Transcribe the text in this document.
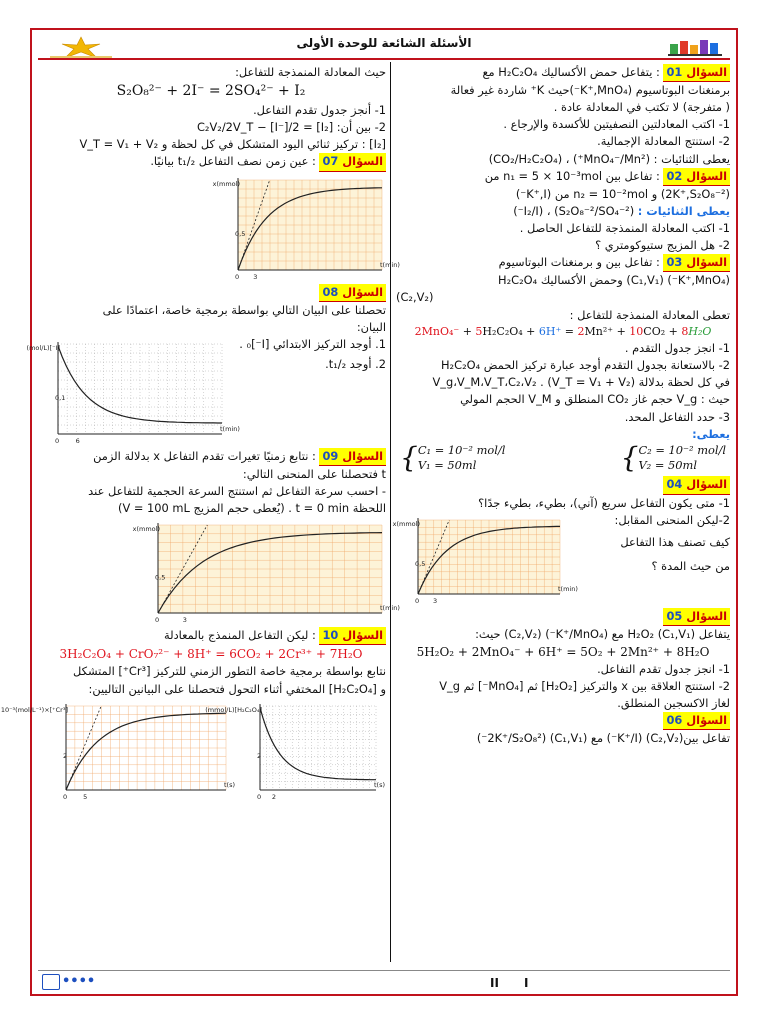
الأسئلة الشائعة للوحدة الأولى

السؤال 01 : يتفاعل حمض الأكساليك H₂C₂O₄ مع

برمنغنات البوتاسيوم (K⁺,MnO₄⁻)حيث K⁺ شاردة غير فعالة

( متفرجة) لا تكتب في المعادلة عادة .

1- اكتب المعادلتين النصفيتين للأكسدة والإرجاع .

2- استنتج المعادلة الإجمالية.

يعطى الثنائيات : (MnO₄⁻/Mn²⁺) ، (CO₂/H₂C₂O₄)

السؤال 02 : تفاعل بين n₁ = 5 × 10⁻³mol من

(2K⁺,S₂O₈⁻²) و n₂ = 10⁻²mol من (K⁺,I⁻)

يعطى الثنائيات : (S₂O₈⁻²/SO₄⁻²) ، (I₂/I⁻)

1- اكتب المعادلة المنمذجة للتفاعل الحاصل .

2- هل المزيج ستيوكومتري ؟

السؤال 03 : تفاعل بين و برمنغنات البوتاسيوم

(K⁺,MnO₄⁻) (C₁,V₁) وحمض الأكساليك H₂C₂O₄

(C₂,V₂)

تعطى المعادلة المنمذجة للتفاعل :

2MnO₄⁻ + 5H₂C₂O₄ + 6H⁺ = 2Mn²⁺ + 10CO₂ + 8H₂O

1- انجز جدول التقدم .

2- بالاستعانة بجدول التقدم أوجد عبارة تركيز الحمض H₂C₂O₄

في كل لحظة بدلالة V_g،V_M،V_T،C₂،V₂ . (V_T = V₁ + V₂)

حيث : V_g حجم غاز CO₂ المنطلق و V_M الحجم المولي

3- حدد التفاعل المحد.

يعطى:

{C₁ = 10⁻² mol/l
V₁ = 50ml	{C₂ = 10⁻² mol/l
V₂ = 50ml

السؤال 04

1- متى يكون التفاعل سريع (آني)، بطيء، بطيء جدًا؟

2-ليكن المنحنى المقابل:

كيف تصنف هذا التفاعل

من حيث المدة ؟

x(mmol)
t(min)
0,5
3
0

السؤال 05

يتفاعل H₂O₂ (C₁,V₁) مع (K⁺/MnO₄⁻) (C₂,V₂) حيث:

5H₂O₂ + 2MnO₄⁻ + 6H⁺ = 5O₂ + 2Mn²⁺ + 8H₂O

1- انجز جدول تقدم التفاعل.

2- استنتج العلاقة بين x والتركيز [H₂O₂] ثم [MnO₄⁻] ثم V_g

لغاز الاكسجين المنطلق.

السؤال 06

تفاعل بين(C₂,V₂) (K⁺/I⁻) مع (C₁,V₁) (2K⁺/S₂O₈²⁻)

حيث المعادلة المنمذجة للتفاعل:

S₂O₈²⁻ + 2I⁻ = 2SO₄²⁻ + I₂

1- أنجز جدول تقدم التفاعل.

2- بين أن: [I₂] = C₂V₂/2V_T − [I⁻]/2

[I₂] : تركيز ثنائي اليود المتشكل في كل لحظة و V_T = V₁ + V₂

السؤال 07 : عين زمن نصف التفاعل t₁/₂ بيانيًا.

x(mmol)
t(min)
0,5
3
0

السؤال 08

تحصلنا على البيان التالي بواسطة برمجية خاصة، اعتمادًا على

البيان:

1. أوجد التركيز الابتدائي [I⁻]₀ .

2. أوجد t₁/₂.

[I⁻](mol/L)
t(min)
0,1
6
0

السؤال 09 : نتابع زمنيًا تغيرات تقدم التفاعل x بدلالة الزمن

t فتحصلنا على المنحنى التالي:

- احسب سرعة التفاعل ثم استنتج السرعة الحجمية للتفاعل عند

اللحظة t = 0 min . (يُعطى حجم المزيج V = 100 mL)

x(mmol)
t(min)
0,5
3
0

السؤال 10 : ليكن التفاعل المنمذج بالمعادلة

3H₂C₂O₄ + CrO₇²⁻ + 8H⁺ = 6CO₂ + 2Cr³⁺ + 7H₂O

نتابع بواسطة برمجية خاصة التطور الزمني للتركيز [Cr³⁺] المتشكل

و [H₂C₂O₄] المختفي أثناء التحول فتحصلنا على البيانين التاليين:

[Cr³⁺]×10⁻³(mol/L⁻¹)
t(s)
2
5
0
[H₂C₂O₄](mmol/L)
t(s)
2
2
0
••••	II I
